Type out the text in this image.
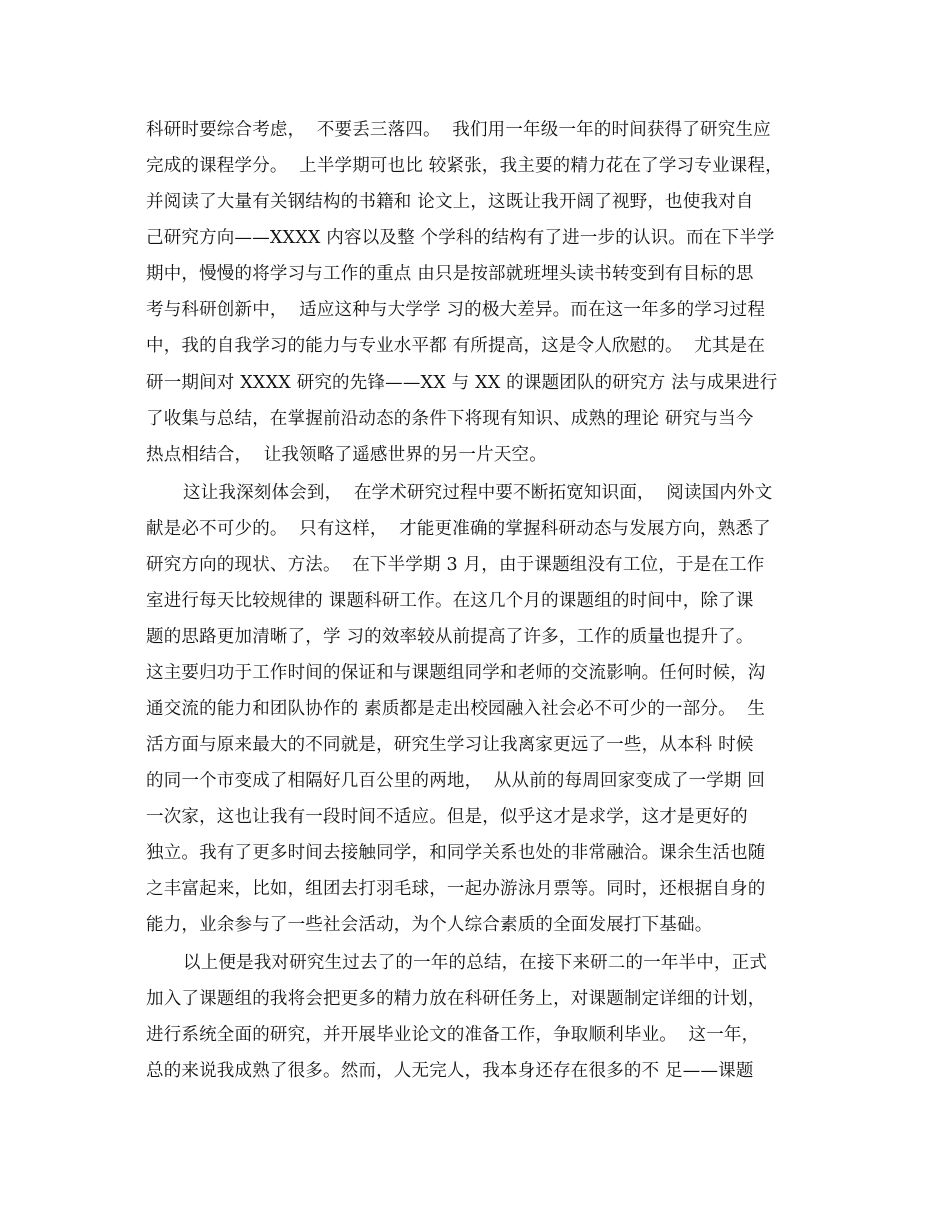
科研时要综合考虑，  不要丢三落四。  我们用一年级一年的时间获得了研究生应
完成的课程学分。  上半学期可也比 较紧张，我主要的精力花在了学习专业课程，
并阅读了大量有关钢结构的书籍和 论文上，这既让我开阔了视野，也使我对自
己研究方向——XXXX 内容以及整 个学科的结构有了进一步的认识。而在下半学
期中，慢慢的将学习与工作的重点 由只是按部就班埋头读书转变到有目标的思
考与科研创新中，  适应这种与大学学 习的极大差异。而在这一年多的学习过程
中，我的自我学习的能力与专业水平都 有所提高，这是令人欣慰的。  尤其是在
研一期间对 XXXX 研究的先锋——XX 与 XX 的课题团队的研究方 法与成果进行
了收集与总结，在掌握前沿动态的条件下将现有知识、成熟的理论 研究与当今
热点相结合，  让我领略了遥感世界的另一片天空。
这让我深刻体会到，  在学术研究过程中要不断拓宽知识面，  阅读国内外文
献是必不可少的。  只有这样，  才能更准确的掌握科研动态与发展方向，熟悉了
研究方向的现状、方法。  在下半学期 3 月，由于课题组没有工位，于是在工作
室进行每天比较规律的 课题科研工作。在这几个月的课题组的时间中，除了课
题的思路更加清晰了，学 习的效率较从前提高了许多，工作的质量也提升了。
这主要归功于工作时间的保证和与课题组同学和老师的交流影响。任何时候，沟
通交流的能力和团队协作的 素质都是走出校园融入社会必不可少的一部分。  生
活方面与原来最大的不同就是，研究生学习让我离家更远了一些，从本科 时候
的同一个市变成了相隔好几百公里的两地，  从从前的每周回家变成了一学期 回
一次家，这也让我有一段时间不适应。但是，似乎这才是求学，这才是更好的
独立。我有了更多时间去接触同学，和同学关系也处的非常融洽。课余生活也随
之丰富起来，比如，组团去打羽毛球，一起办游泳月票等。同时，还根据自身的
能力，业余参与了一些社会活动，为个人综合素质的全面发展打下基础。
以上便是我对研究生过去了的一年的总结，在接下来研二的一年半中，正式
加入了课题组的我将会把更多的精力放在科研任务上，对课题制定详细的计划，
进行系统全面的研究，并开展毕业论文的准备工作，争取顺利毕业。  这一年，
总的来说我成熟了很多。然而，人无完人，我本身还存在很多的不 足——课题
